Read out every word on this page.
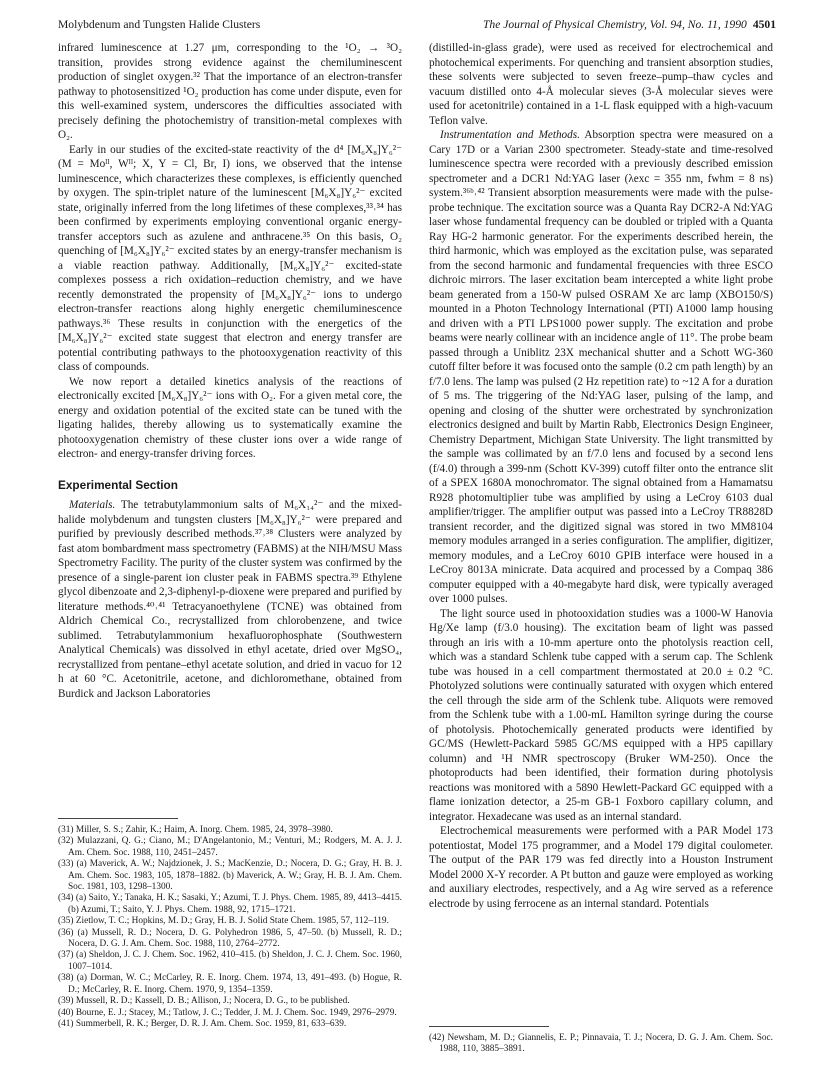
Molybdenum and Tungsten Halide Clusters	The Journal of Physical Chemistry, Vol. 94, No. 11, 1990 4501

infrared luminescence at 1.27 μm, corresponding to the ¹O₂ → ³O₂ transition, provides strong evidence against the chemiluminescent production of singlet oxygen.³² That the importance of an electron-transfer pathway to photosensitized ¹O₂ production has come under dispute, even for this well-examined system, underscores the difficulties associated with precisely defining the photochemistry of transition-metal complexes with O₂.

Early in our studies of the excited-state reactivity of the d⁴ [M₆X₈]Y₆²⁻ (M = Moᴵᴵ, Wᴵᴵ; X, Y = Cl, Br, I) ions, we observed that the intense luminescence, which characterizes these complexes, is efficiently quenched by oxygen. The spin-triplet nature of the luminescent [M₆X₈]Y₆²⁻ excited state, originally inferred from the long lifetimes of these complexes,³³˒³⁴ has been confirmed by experiments employing conventional organic energy-transfer acceptors such as azulene and anthracene.³⁵ On this basis, O₂ quenching of [M₆X₈]Y₆²⁻ excited states by an energy-transfer mechanism is a viable reaction pathway. Additionally, [M₆X₈]Y₆²⁻ excited-state complexes possess a rich oxidation–reduction chemistry, and we have recently demonstrated the propensity of [M₆X₈]Y₆²⁻ ions to undergo electron-transfer reactions along highly energetic chemiluminescence pathways.³⁶ These results in conjunction with the energetics of the [M₆X₈]Y₆²⁻ excited state suggest that electron and energy transfer are potential contributing pathways to the photooxygenation reactivity of this class of compounds.

We now report a detailed kinetics analysis of the reactions of electronically excited [M₆X₈]Y₆²⁻ ions with O₂. For a given metal core, the energy and oxidation potential of the excited state can be tuned with the ligating halides, thereby allowing us to systematically examine the photooxygenation chemistry of these cluster ions over a wide range of electron- and energy-transfer driving forces.

Experimental Section

Materials. The tetrabutylammonium salts of M₆X₁₄²⁻ and the mixed-halide molybdenum and tungsten clusters [M₆X₈]Y₆²⁻ were prepared and purified by previously described methods.³⁷˒³⁸ Clusters were analyzed by fast atom bombardment mass spectrometry (FABMS) at the NIH/MSU Mass Spectrometry Facility. The purity of the cluster system was confirmed by the presence of a single-parent ion cluster peak in FABMS spectra.³⁹ Ethylene glycol dibenzoate and 2,3-diphenyl-p-dioxene were prepared and purified by literature methods.⁴⁰˒⁴¹ Tetracyanoethylene (TCNE) was obtained from Aldrich Chemical Co., recrystallized from chlorobenzene, and twice sublimed. Tetrabutylammonium hexafluorophosphate (Southwestern Analytical Chemicals) was dissolved in ethyl acetate, dried over MgSO₄, recrystallized from pentane–ethyl acetate solution, and dried in vacuo for 12 h at 60 °C. Acetonitrile, acetone, and dichloromethane, obtained from Burdick and Jackson Laboratories

(31) Miller, S. S.; Zahir, K.; Haim, A. Inorg. Chem. 1985, 24, 3978–3980.

(32) Mulazzani, Q. G.; Ciano, M.; D'Angelantonio, M.; Venturi, M.; Rodgers, M. A. J. J. Am. Chem. Soc. 1988, 110, 2451–2457.

(33) (a) Maverick, A. W.; Najdzionek, J. S.; MacKenzie, D.; Nocera, D. G.; Gray, H. B. J. Am. Chem. Soc. 1983, 105, 1878–1882. (b) Maverick, A. W.; Gray, H. B. J. Am. Chem. Soc. 1981, 103, 1298–1300.

(34) (a) Saito, Y.; Tanaka, H. K.; Sasaki, Y.; Azumi, T. J. Phys. Chem. 1985, 89, 4413–4415. (b) Azumi, T.; Saito, Y. J. Phys. Chem. 1988, 92, 1715–1721.

(35) Zietlow, T. C.; Hopkins, M. D.; Gray, H. B. J. Solid State Chem. 1985, 57, 112–119.

(36) (a) Mussell, R. D.; Nocera, D. G. Polyhedron 1986, 5, 47–50. (b) Mussell, R. D.; Nocera, D. G. J. Am. Chem. Soc. 1988, 110, 2764–2772.

(37) (a) Sheldon, J. C. J. Chem. Soc. 1962, 410–415. (b) Sheldon, J. C. J. Chem. Soc. 1960, 1007–1014.

(38) (a) Dorman, W. C.; McCarley, R. E. Inorg. Chem. 1974, 13, 491–493. (b) Hogue, R. D.; McCarley, R. E. Inorg. Chem. 1970, 9, 1354–1359.

(39) Mussell, R. D.; Kassell, D. B.; Allison, J.; Nocera, D. G., to be published.

(40) Bourne, E. J.; Stacey, M.; Tatlow, J. C.; Tedder, J. M. J. Chem. Soc. 1949, 2976–2979.

(41) Summerbell, R. K.; Berger, D. R. J. Am. Chem. Soc. 1959, 81, 633–639.

(distilled-in-glass grade), were used as received for electrochemical and photochemical experiments. For quenching and transient absorption studies, these solvents were subjected to seven freeze–pump–thaw cycles and vacuum distilled onto 4-Å molecular sieves (3-Å molecular sieves were used for acetonitrile) contained in a 1-L flask equipped with a high-vacuum Teflon valve.

Instrumentation and Methods. Absorption spectra were measured on a Cary 17D or a Varian 2300 spectrometer. Steady-state and time-resolved luminescence spectra were recorded with a previously described emission spectrometer and a DCR1 Nd:YAG laser (λexc = 355 nm, fwhm = 8 ns) system.³⁶ᵇ˒⁴² Transient absorption measurements were made with the pulse-probe technique. The excitation source was a Quanta Ray DCR2-A Nd:YAG laser whose fundamental frequency can be doubled or tripled with a Quanta Ray HG-2 harmonic generator. For the experiments described herein, the third harmonic, which was employed as the excitation pulse, was separated from the second harmonic and fundamental frequencies with three ESCO dichroic mirrors. The laser excitation beam intercepted a white light probe beam generated from a 150-W pulsed OSRAM Xe arc lamp (XBO150/S) mounted in a Photon Technology International (PTI) A1000 lamp housing and driven with a PTI LPS1000 power supply. The excitation and probe beams were nearly collinear with an incidence angle of 11°. The probe beam passed through a Uniblitz 23X mechanical shutter and a Schott WG-360 cutoff filter before it was focused onto the sample (0.2 cm path length) by an f/7.0 lens. The lamp was pulsed (2 Hz repetition rate) to ~12 A for a duration of 5 ms. The triggering of the Nd:YAG laser, pulsing of the lamp, and opening and closing of the shutter were orchestrated by synchronization electronics designed and built by Martin Rabb, Electronics Design Engineer, Chemistry Department, Michigan State University. The light transmitted by the sample was collimated by an f/7.0 lens and focused by a second lens (f/4.0) through a 399-nm (Schott KV-399) cutoff filter onto the entrance slit of a SPEX 1680A monochromator. The signal obtained from a Hamamatsu R928 photomultiplier tube was amplified by using a LeCroy 6103 dual amplifier/trigger. The amplifier output was passed into a LeCroy TR8828D transient recorder, and the digitized signal was stored in two MM8104 memory modules arranged in a series configuration. The amplifier, digitizer, memory modules, and a LeCroy 6010 GPIB interface were housed in a LeCroy 8013A minicrate. Data acquired and processed by a Compaq 386 computer equipped with a 40-megabyte hard disk, were typically averaged over 1000 pulses.

The light source used in photooxidation studies was a 1000-W Hanovia Hg/Xe lamp (f/3.0 housing). The excitation beam of light was passed through an iris with a 10-mm aperture onto the photolysis reaction cell, which was a standard Schlenk tube capped with a serum cap. The Schlenk tube was housed in a cell compartment thermostated at 20.0 ± 0.2 °C. Photolyzed solutions were continually saturated with oxygen which entered the cell through the side arm of the Schlenk tube. Aliquots were removed from the Schlenk tube with a 1.00-mL Hamilton syringe during the course of photolysis. Photochemically generated products were identified by GC/MS (Hewlett-Packard 5985 GC/MS equipped with a HP5 capillary column) and ¹H NMR spectroscopy (Bruker WM-250). Once the photoproducts had been identified, their formation during photolysis reactions was monitored with a 5890 Hewlett-Packard GC equipped with a flame ionization detector, a 25-m GB-1 Foxboro capillary column, and integrator. Hexadecane was used as an internal standard.

Electrochemical measurements were performed with a PAR Model 173 potentiostat, Model 175 programmer, and a Model 179 digital coulometer. The output of the PAR 179 was fed directly into a Houston Instrument Model 2000 X-Y recorder. A Pt button and gauze were employed as working and auxiliary electrodes, respectively, and a Ag wire served as a reference electrode by using ferrocene as an internal standard. Potentials

(42) Newsham, M. D.; Giannelis, E. P.; Pinnavaia, T. J.; Nocera, D. G. J. Am. Chem. Soc. 1988, 110, 3885–3891.
